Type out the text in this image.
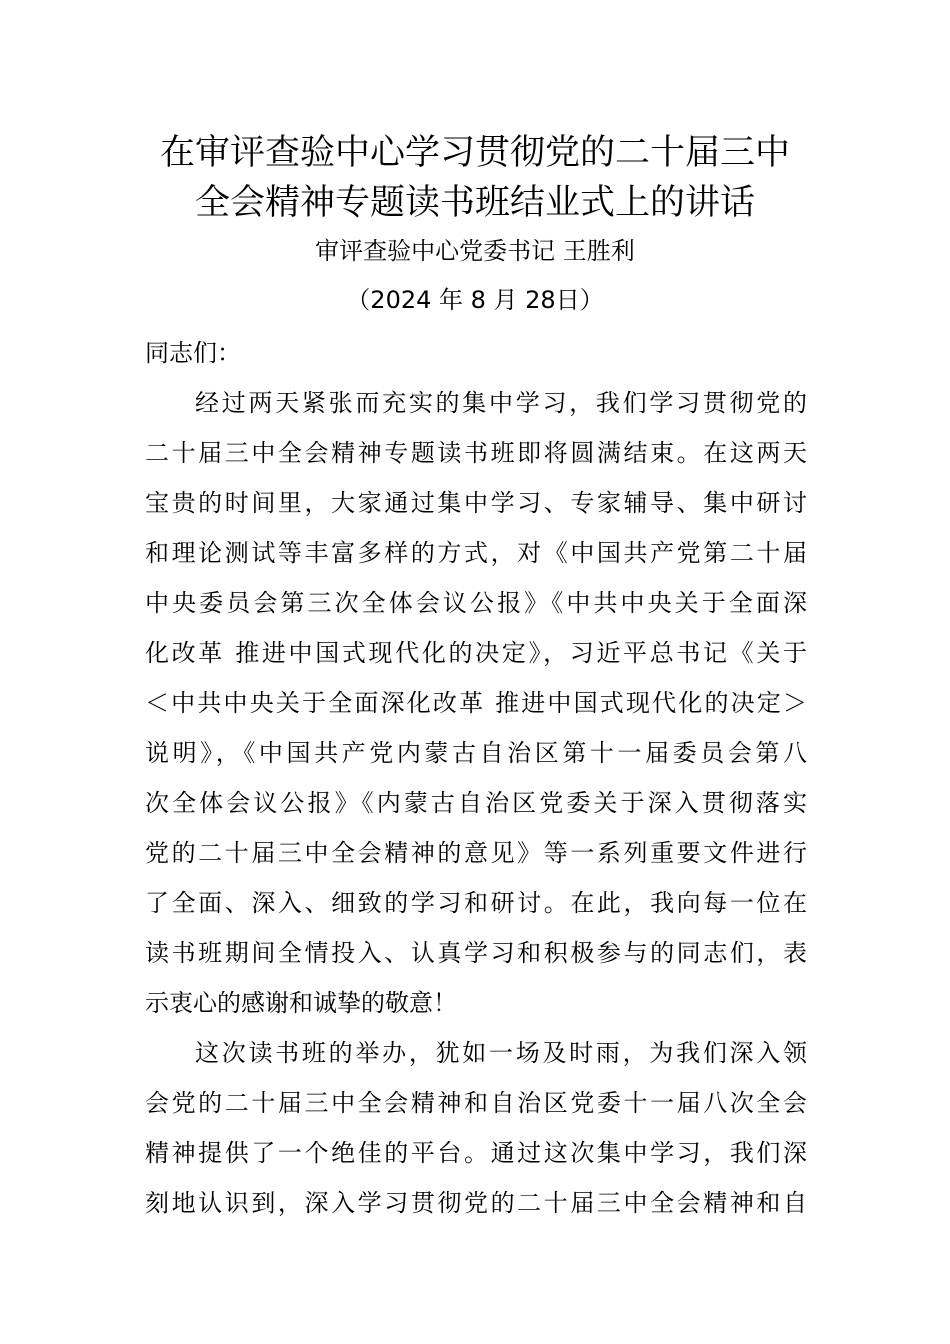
在审评查验中心学习贯彻党的二十届三中
全会精神专题读书班结业式上的讲话
审评查验中心党委书记 王胜利
（2024 年 8 月 28日）
同志们：
经过两天紧张而充实的集中学习，我们学习贯彻党的
二十届三中全会精神专题读书班即将圆满结束。在这两天
宝贵的时间里，大家通过集中学习、专家辅导、集中研讨
和理论测试等丰富多样的方式，对《中国共产党第二十届
中央委员会第三次全体会议公报》《中共中央关于全面深
化改革 推进中国式现代化的决定》，习近平总书记《关于
＜中共中央关于全面深化改革 推进中国式现代化的决定＞
说明》，《中国共产党内蒙古自治区第十一届委员会第八
次全体会议公报》《内蒙古自治区党委关于深入贯彻落实
党的二十届三中全会精神的意见》等一系列重要文件进行
了全面、深入、细致的学习和研讨。在此，我向每一位在
读书班期间全情投入、认真学习和积极参与的同志们，表
示衷心的感谢和诚挚的敬意！
这次读书班的举办，犹如一场及时雨，为我们深入领
会党的二十届三中全会精神和自治区党委十一届八次全会
精神提供了一个绝佳的平台。通过这次集中学习，我们深
刻地认识到，深入学习贯彻党的二十届三中全会精神和自
